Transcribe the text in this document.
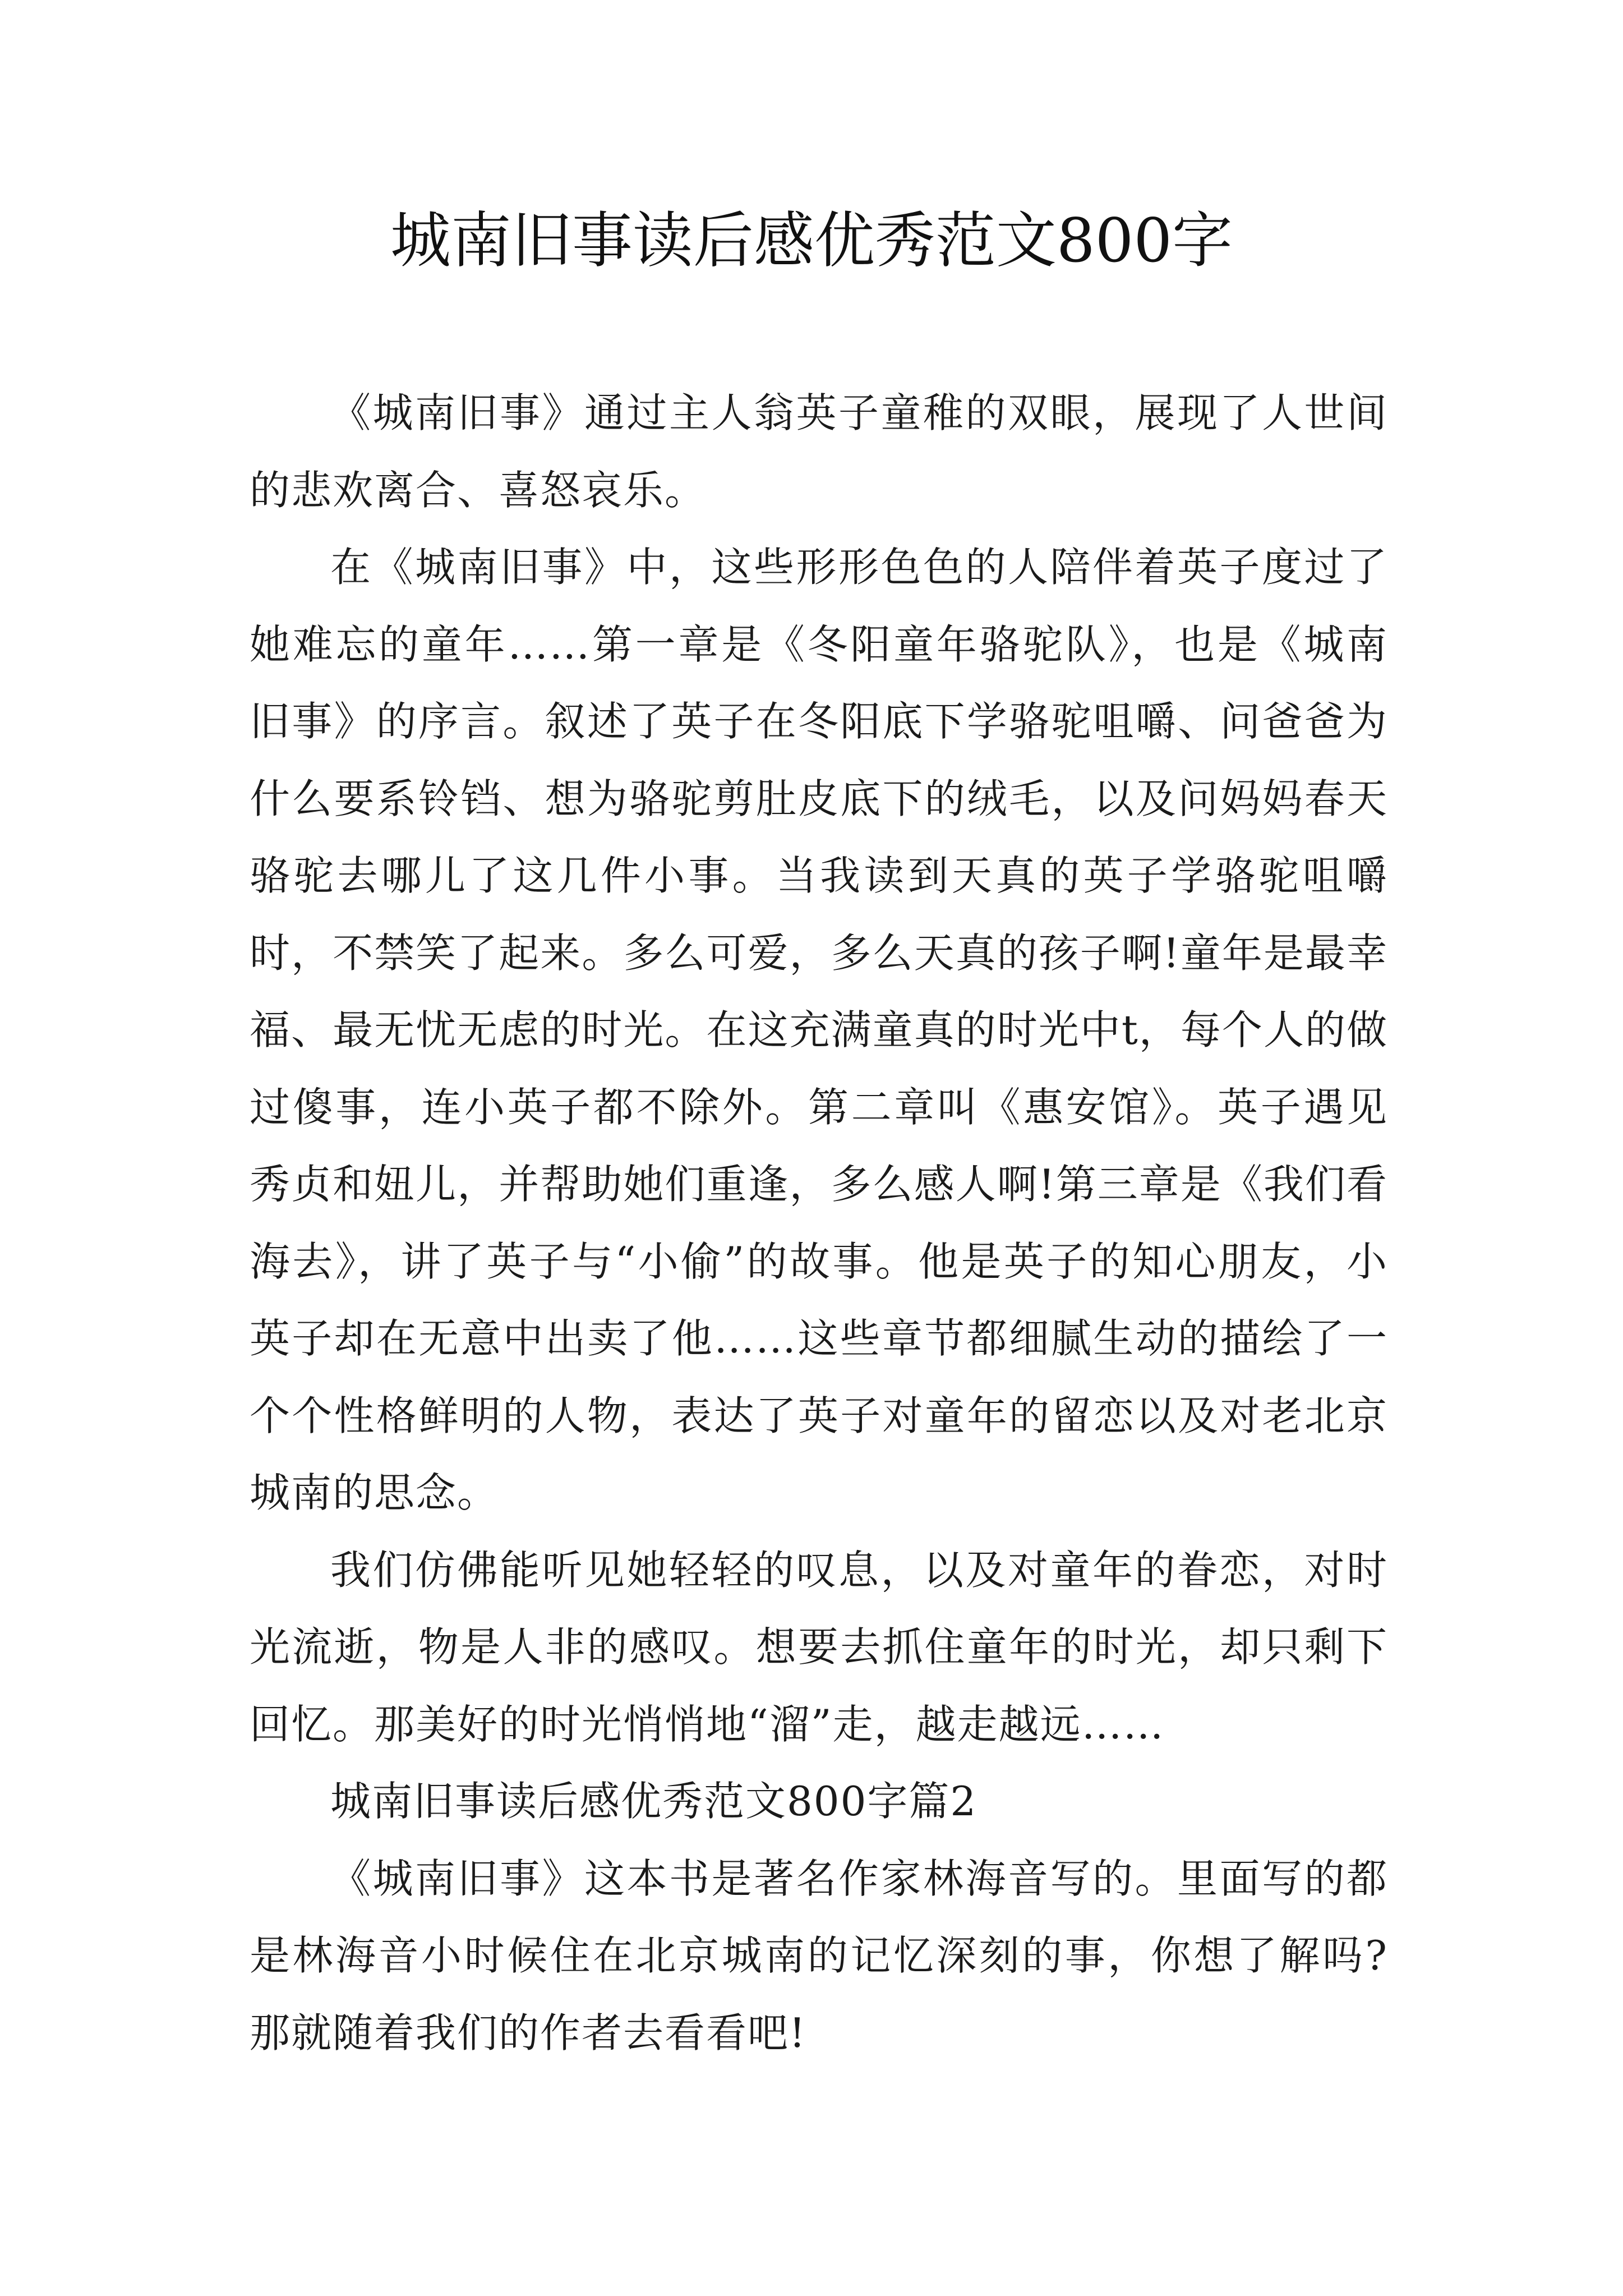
城南旧事读后感优秀范文800字

《城南旧事》通过主人翁英子童稚的双眼，展现了人世间的悲欢离合、喜怒哀乐。

在《城南旧事》中，这些形形色色的人陪伴着英子度过了她难忘的童年……第一章是《冬阳童年骆驼队》，也是《城南旧事》的序言。叙述了英子在冬阳底下学骆驼咀嚼、问爸爸为什么要系铃铛、想为骆驼剪肚皮底下的绒毛，以及问妈妈春天骆驼去哪儿了这几件小事。当我读到天真的英子学骆驼咀嚼时，不禁笑了起来。多么可爱，多么天真的孩子啊!童年是最幸福、最无忧无虑的时光。在这充满童真的时光中t，每个人的做过傻事，连小英子都不除外。第二章叫《惠安馆》。英子遇见秀贞和妞儿，并帮助她们重逢，多么感人啊!第三章是《我们看海去》，讲了英子与“小偷”的故事。他是英子的知心朋友，小英子却在无意中出卖了他……这些章节都细腻生动的描绘了一个个性格鲜明的人物，表达了英子对童年的留恋以及对老北京城南的思念。

我们仿佛能听见她轻轻的叹息，以及对童年的眷恋，对时光流逝，物是人非的感叹。想要去抓住童年的时光，却只剩下回忆。那美好的时光悄悄地“溜”走，越走越远……

城南旧事读后感优秀范文800字篇2

《城南旧事》这本书是著名作家林海音写的。里面写的都是林海音小时候住在北京城南的记忆深刻的事，你想了解吗?那就随着我们的作者去看看吧!
